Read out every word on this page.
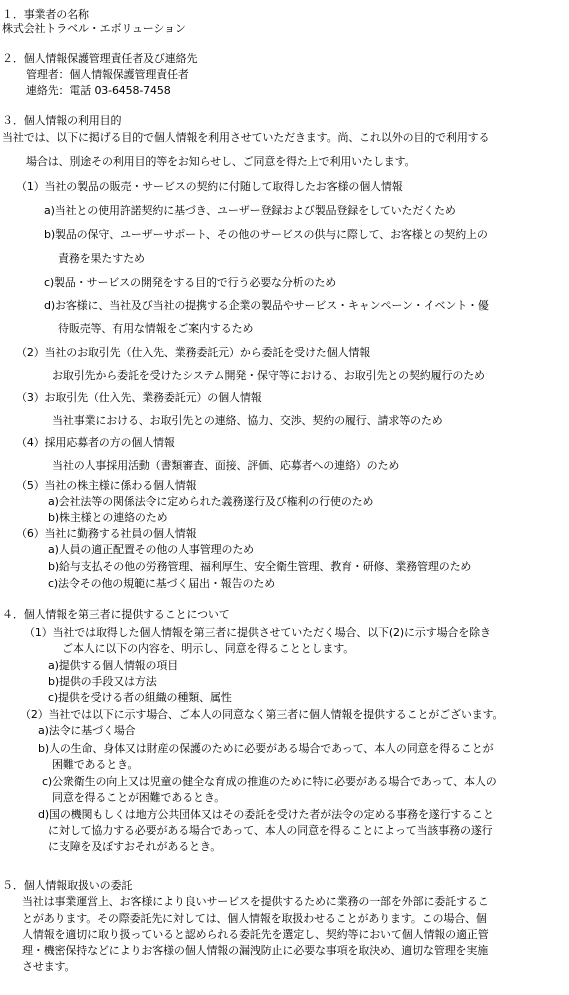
１．事業者の名称
株式会社トラベル・エボリューション
２．個人情報保護管理責任者及び連絡先
管理者：個人情報保護管理責任者
連絡先：電話 03-6458-7458
３．個人情報の利用目的
当社では、以下に掲げる目的で個人情報を利用させていただきます。尚、これ以外の目的で利用する
場合は、別途その利用目的等をお知らせし、ご同意を得た上で利用いたします。
（1）当社の製品の販売・サービスの契約に付随して取得したお客様の個人情報
a)当社との使用許諾契約に基づき、ユーザー登録および製品登録をしていただくため
b)製品の保守、ユーザーサポート、その他のサービスの供与に際して、お客様との契約上の
責務を果たすため
c)製品・サービスの開発をする目的で行う必要な分析のため
d)お客様に、当社及び当社の提携する企業の製品やサービス・キャンペーン・イベント・優
待販売等、有用な情報をご案内するため
（2）当社のお取引先（仕入先、業務委託元）から委託を受けた個人情報
お取引先から委託を受けたシステム開発・保守等における、お取引先との契約履行のため
（3）お取引先（仕入先、業務委託元）の個人情報
当社事業における、お取引先との連絡、協力、交渉、契約の履行、請求等のため
（4）採用応募者の方の個人情報
当社の人事採用活動（書類審査、面接、評価、応募者への連絡）のため
（5）当社の株主様に係わる個人情報
a)会社法等の関係法令に定められた義務遂行及び権利の行使のため
b)株主様との連絡のため
（6）当社に勤務する社員の個人情報
a)人員の適正配置その他の人事管理のため
b)給与支払その他の労務管理、福利厚生、安全衛生管理、教育・研修、業務管理のため
c)法令その他の規範に基づく届出・報告のため
４．個人情報を第三者に提供することについて
（1）当社では取得した個人情報を第三者に提供させていただく場合、以下(2)に示す場合を除き
ご本人に以下の内容を、明示し、同意を得ることとします。
a)提供する個人情報の項目
b)提供の手段又は方法
c)提供を受ける者の組織の種類、属性
（2）当社では以下に示す場合、ご本人の同意なく第三者に個人情報を提供することがございます。
a)法令に基づく場合
b)人の生命、身体又は財産の保護のために必要がある場合であって、本人の同意を得ることが
困難であるとき。
c)公衆衛生の向上又は児童の健全な育成の推進のために特に必要がある場合であって、本人の
同意を得ることが困難であるとき。
d)国の機関もしくは地方公共団体又はその委託を受けた者が法令の定める事務を遂行すること
に対して協力する必要がある場合であって、本人の同意を得ることによって当該事務の遂行
に支障を及ぼすおそれがあるとき。
５．個人情報取扱いの委託
当社は事業運営上、お客様により良いサービスを提供するために業務の一部を外部に委託するこ
とがあります。その際委託先に対しては、個人情報を取扱わせることがあります。この場合、個
人情報を適切に取り扱っていると認められる委託先を選定し、契約等において個人情報の適正管
理・機密保持などによりお客様の個人情報の漏洩防止に必要な事項を取決め、適切な管理を実施
させます。
